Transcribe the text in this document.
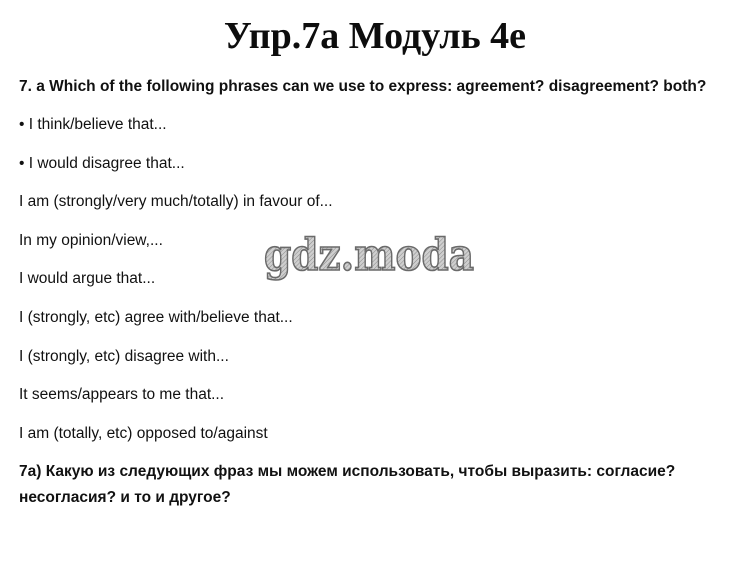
Упр.7а Модуль 4е

7. a Which of the following phrases can we use to express: agreement? disagreement? both?

• I think/believe that...
• I would disagree that...
I am (strongly/very much/totally) in favour of...
In my opinion/view,...
I would argue that...
I (strongly, etc) agree with/believe that...
I (strongly, etc) disagree with...
It seems/appears to me that...
I am (totally, etc) opposed to/against

7а) Какую из следующих фраз мы можем использовать, чтобы выразить: согласие? несогласия? и то и другое?

gdz.moda
